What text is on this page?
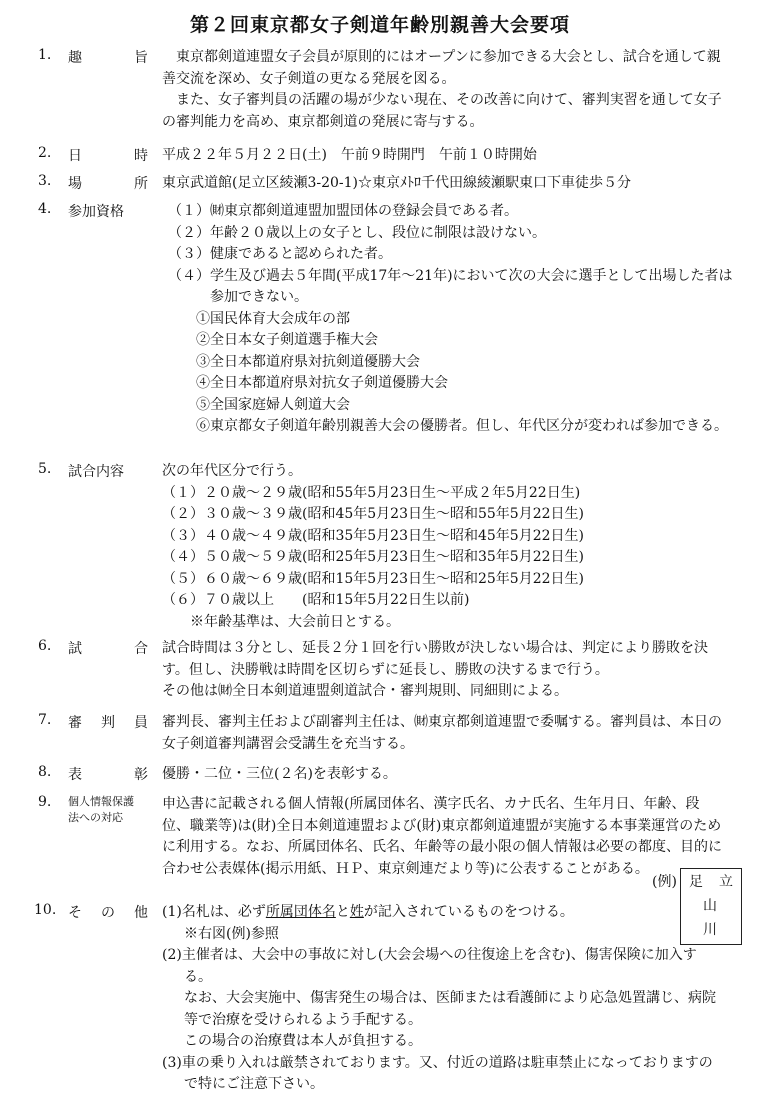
第２回東京都女子剣道年齢別親善大会要項
1. 趣	旨	東京都剣道連盟女子会員が原則的にはオープンに参加できる大会とし、試合を通して親善交流を深め、女子剣道の更なる発展を図る。

また、女子審判員の活躍の場が少ない現在、その改善に向けて、審判実習を通して女子の審判能力を高め、東京都剣道の発展に寄与する。

2. 日	時 平成２２年５月２２日(土)　午前９時開門　午前１０時開始
3. 場	所 東京武道館(足立区綾瀬3-20-1)☆東京ﾒﾄﾛ千代田線綾瀬駅東口下車徒歩５分
4. 参加資格	（１）㈶東京都剣道連盟加盟団体の登録会員である者。

（２）年齢２０歳以上の女子とし、段位に制限は設けない。

（３）健康であると認められた者。

（４）学生及び過去５年間(平成17年～21年)において次の大会に選手として出場した者は参加できない。

①国民体育大会成年の部

②全日本女子剣道選手権大会

③全日本都道府県対抗剣道優勝大会

④全日本都道府県対抗女子剣道優勝大会

⑤全国家庭婦人剣道大会

⑥東京都女子剣道年齢別親善大会の優勝者。但し、年代区分が変われば参加できる。

5. 試合内容	次の年代区分で行う。

（１）２０歳～２９歳 (昭和55年5月23日生～平成２年5月22日生)

（２）３０歳～３９歳 (昭和45年5月23日生～昭和55年5月22日生)

（３）４０歳～４９歳 (昭和35年5月23日生～昭和45年5月22日生)

（４）５０歳～５９歳 (昭和25年5月23日生～昭和35年5月22日生)

（５）６０歳～６９歳 (昭和15年5月23日生～昭和25年5月22日生)

（６）７０歳以上	(昭和15年5月22日生以前)

※年齢基準は、大会前日とする。

6. 試	合 試合時間は３分とし、延長２分１回を行い勝敗が決しない場合は、判定により勝敗を決す。但し、決勝戦は時間を区切らずに延長し、勝敗の決するまで行う。

その他は㈶全日本剣道連盟剣道試合・審判規則、同細則による。

7. 審 判 員 審判長、審判主任および副審判主任は、㈶東京都剣道連盟で委嘱する。審判員は、本日の女子剣道審判講習会受講生を充当する。
8. 表	彰 優勝・二位・三位(２名)を表彰する。
9. 個人情報保護
法への対応
申込書に記載される個人情報(所属団体名、漢字氏名、カナ氏名、生年月日、年齢、段位、職業等)は(財)全日本剣道連盟および(財)東京都剣道連盟が実施する本事業運営のために利用する。なお、所属団体名、氏名、年齢等の最小限の個人情報は必要の都度、目的に合わせ公表媒体(掲示用紙、ＨＰ、東京剣連だより等)に公表することがある。
(例) 足 立
山
川
10. そ の 他 (1)名札は、必ず所属団体名と姓が記入されているものをつける。

※右図(例)参照

(2)主催者は、大会中の事故に対し(大会会場への往復途上を含む)、傷害保険に加入する。

なお、大会実施中、傷害発生の場合は、医師または看護師により応急処置講じ、病院等で治療を受けられるよう手配する。

この場合の治療費は本人が負担する。

(3)車の乗り入れは厳禁されております。又、付近の道路は駐車禁止になっておりますので特にご注意下さい。
